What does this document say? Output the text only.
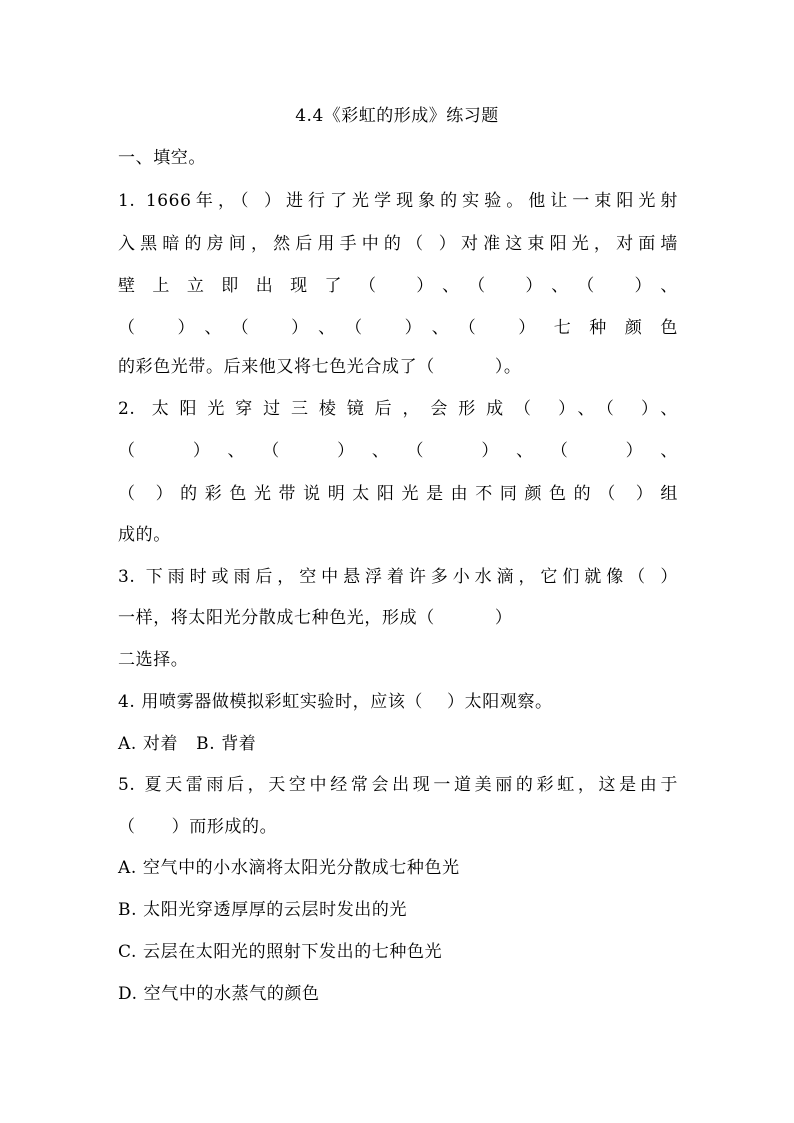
4.4《彩虹的形成》练习题
一、填空。
1. 1666年，（ ）进行了光学现象的实验。他让一束阳光射
入黑暗的房间，然后用手中的（ ）对准这束阳光，对面墙
壁上立即出现了（ ）、（ ）、（ ）、
（ ）、（ ）、（ ）、（ ）七种颜色
的彩色光带。后来他又将七色光合成了（          ）。
2. 太阳光穿过三棱镜后，会形成（ ）、（ ）、
（ ）、（ ）、（ ）、（ ）、
（ ）的彩色光带说明太阳光是由不同颜色的（ ）组
成的。
3. 下雨时或雨后，空中悬浮着许多小水滴，它们就像（ ）
一样，将太阳光分散成七种色光，形成（          ）
二选择。
4. 用喷雾器做模拟彩虹实验时，应该（    ）太阳观察。
A. 对着   B. 背着
5. 夏天雷雨后，天空中经常会出现一道美丽的彩虹，这是由于
（      ）而形成的。
A. 空气中的小水滴将太阳光分散成七种色光
B. 太阳光穿透厚厚的云层时发出的光
C. 云层在太阳光的照射下发出的七种色光
D. 空气中的水蒸气的颜色
